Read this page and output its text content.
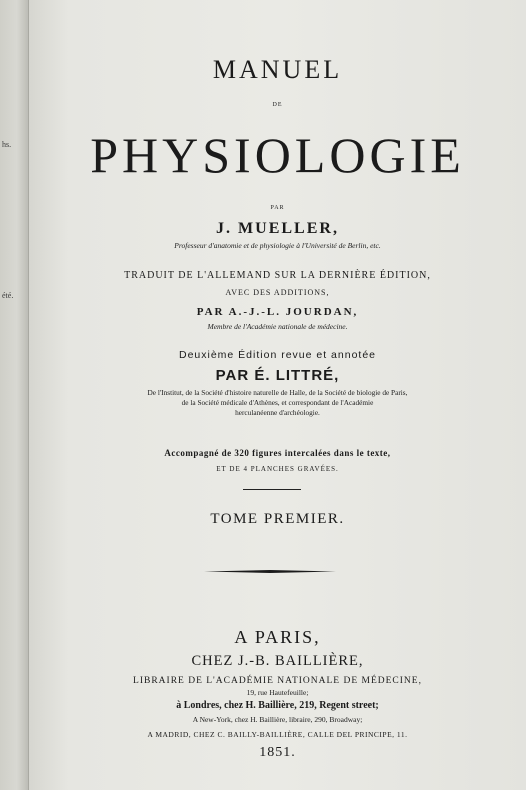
hs.
été.
MANUEL
DE
PHYSIOLOGIE
PAR
J. MUELLER,
Professeur d'anatomie et de physiologie à l'Université de Berlin, etc.
TRADUIT DE L'ALLEMAND SUR LA DERNIÈRE ÉDITION,
AVEC DES ADDITIONS,
PAR A.-J.-L. JOURDAN,
Membre de l'Académie nationale de médecine.
Deuxième Édition revue et annotée
PAR É. LITTRÉ,
De l'Institut, de la Société d'histoire naturelle de Halle, de la Société de biologie de Paris,
de la Société médicale d'Athènes, et correspondant de l'Académie
herculanéenne d'archéologie.
Accompagné de 320 figures intercalées dans le texte,
ET DE 4 PLANCHES GRAVÉES.
TOME PREMIER.
A PARIS,
CHEZ J.-B. BAILLIÈRE,
LIBRAIRE DE L'ACADÉMIE NATIONALE DE MÉDECINE,
19, rue Hautefeuille;
à Londres, chez H. Baillière, 219, Regent street;
A New-York, chez H. Baillière, libraire, 290, Broadway;
A MADRID, CHEZ C. BAILLY-BAILLIÈRE, CALLE DEL PRINCIPE, 11.
1851.
